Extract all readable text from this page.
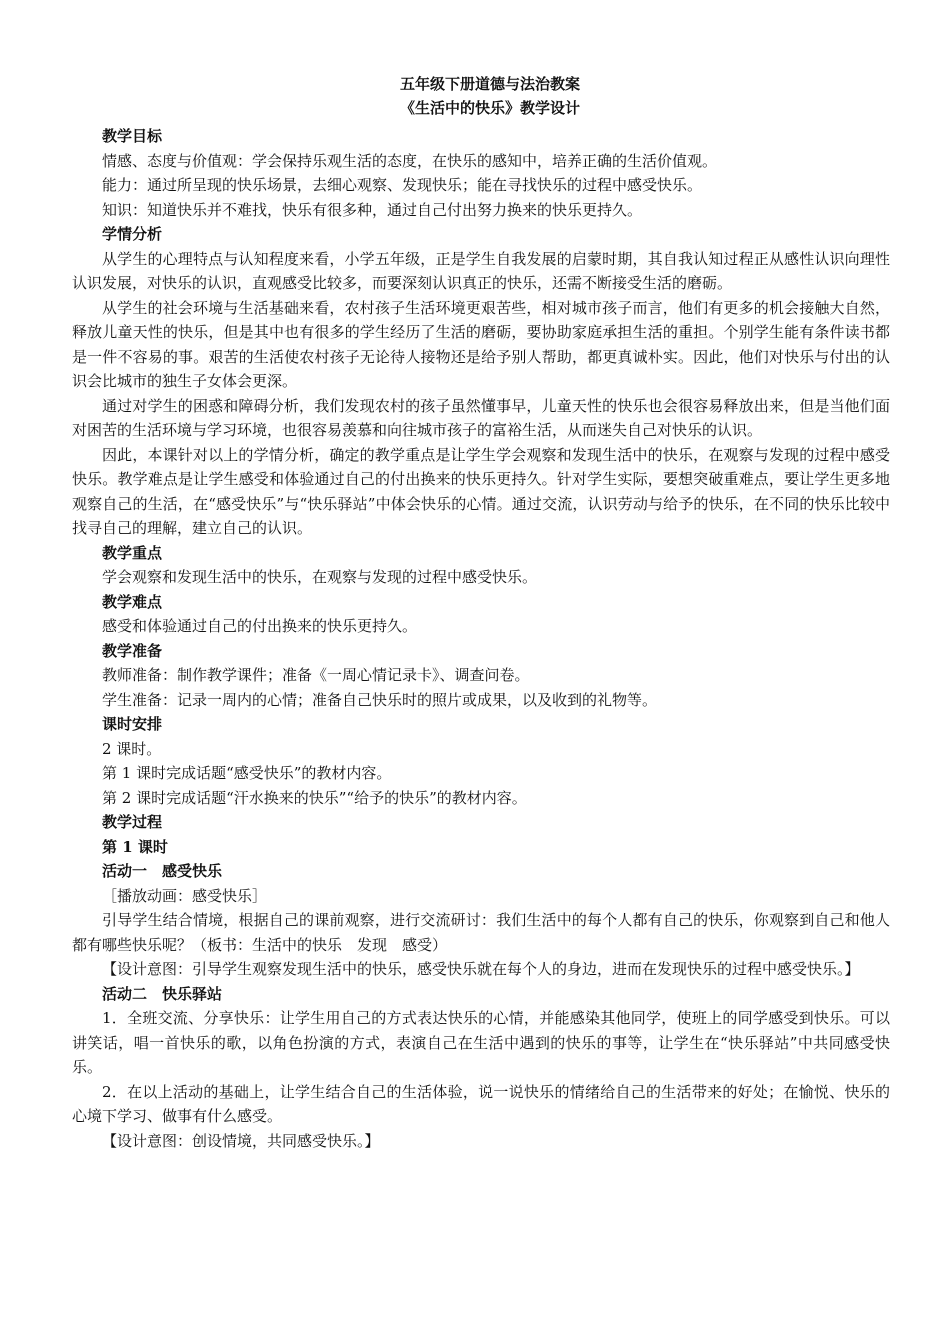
五年级下册道德与法治教案
《生活中的快乐》教学设计
教学目标
情感、态度与价值观：学会保持乐观生活的态度，在快乐的感知中，培养正确的生活价值观。
能力：通过所呈现的快乐场景，去细心观察、发现快乐；能在寻找快乐的过程中感受快乐。
知识：知道快乐并不难找，快乐有很多种，通过自己付出努力换来的快乐更持久。
学情分析
从学生的心理特点与认知程度来看，小学五年级，正是学生自我发展的启蒙时期，其自我认知过程正从感性认识向理性认识发展，对快乐的认识，直观感受比较多，而要深刻认识真正的快乐，还需不断接受生活的磨砺。
从学生的社会环境与生活基础来看，农村孩子生活环境更艰苦些，相对城市孩子而言，他们有更多的机会接触大自然，释放儿童天性的快乐，但是其中也有很多的学生经历了生活的磨砺，要协助家庭承担生活的重担。个别学生能有条件读书都是一件不容易的事。艰苦的生活使农村孩子无论待人接物还是给予别人帮助，都更真诚朴实。因此，他们对快乐与付出的认识会比城市的独生子女体会更深。
通过对学生的困惑和障碍分析，我们发现农村的孩子虽然懂事早，儿童天性的快乐也会很容易释放出来，但是当他们面对困苦的生活环境与学习环境，也很容易羡慕和向往城市孩子的富裕生活，从而迷失自己对快乐的认识。
因此，本课针对以上的学情分析，确定的教学重点是让学生学会观察和发现生活中的快乐，在观察与发现的过程中感受快乐。教学难点是让学生感受和体验通过自己的付出换来的快乐更持久。针对学生实际，要想突破重难点，要让学生更多地观察自己的生活，在“感受快乐”与“快乐驿站”中体会快乐的心情。通过交流，认识劳动与给予的快乐，在不同的快乐比较中找寻自己的理解，建立自己的认识。
教学重点
学会观察和发现生活中的快乐，在观察与发现的过程中感受快乐。
教学难点
感受和体验通过自己的付出换来的快乐更持久。
教学准备
教师准备：制作教学课件；准备《一周心情记录卡》、调查问卷。
学生准备：记录一周内的心情；准备自己快乐时的照片或成果，以及收到的礼物等。
课时安排
2 课时。
第 1 课时完成话题“感受快乐”的教材内容。
第 2 课时完成话题“汗水换来的快乐”“给予的快乐”的教材内容。
教学过程
第 1 课时
活动一　感受快乐
［播放动画：感受快乐］
引导学生结合情境，根据自己的课前观察，进行交流研讨：我们生活中的每个人都有自己的快乐，你观察到自己和他人都有哪些快乐呢？（板书：生活中的快乐　发现　感受）
【设计意图：引导学生观察发现生活中的快乐，感受快乐就在每个人的身边，进而在发现快乐的过程中感受快乐。】
活动二　快乐驿站
1．全班交流、分享快乐：让学生用自己的方式表达快乐的心情，并能感染其他同学，使班上的同学感受到快乐。可以讲笑话，唱一首快乐的歌，以角色扮演的方式，表演自己在生活中遇到的快乐的事等，让学生在“快乐驿站”中共同感受快乐。
2．在以上活动的基础上，让学生结合自己的生活体验，说一说快乐的情绪给自己的生活带来的好处；在愉悦、快乐的心境下学习、做事有什么感受。
【设计意图：创设情境，共同感受快乐。】
